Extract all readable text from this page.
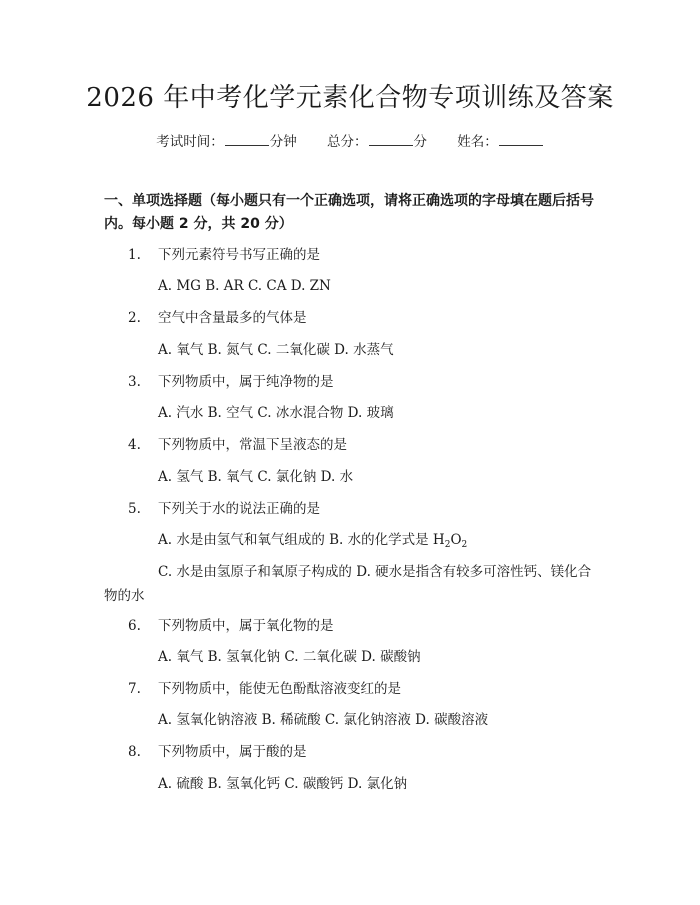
2026 年中考化学元素化合物专项训练及答案
考试时间：	分钟 总分：	分 姓名：
一、单项选择题（每小题只有一个正确选项，请将正确选项的字母填在题后括号内。每小题 2 分，共 20 分）
1. 下列元素符号书写正确的是
A. MG B. AR C. CA D. ZN
2. 空气中含量最多的气体是
A. 氧气 B. 氮气 C. 二氧化碳 D. 水蒸气
3. 下列物质中，属于纯净物的是
A. 汽水 B. 空气 C. 冰水混合物 D. 玻璃
4. 下列物质中，常温下呈液态的是
A. 氢气 B. 氧气 C. 氯化钠 D. 水
5. 下列关于水的说法正确的是
A. 水是由氢气和氧气组成的 B. 水的化学式是 $H_2O_2$
C. 水是由氢原子和氧原子构成的 D. 硬水是指含有较多可溶性钙、镁化合物的水
6. 下列物质中，属于氧化物的是
A. 氧气 B. 氢氧化钠 C. 二氧化碳 D. 碳酸钠
7. 下列物质中，能使无色酚酞溶液变红的是
A. 氢氧化钠溶液 B. 稀硫酸 C. 氯化钠溶液 D. 碳酸溶液
8. 下列物质中，属于酸的是
A. 硫酸 B. 氢氧化钙 C. 碳酸钙 D. 氯化钠
